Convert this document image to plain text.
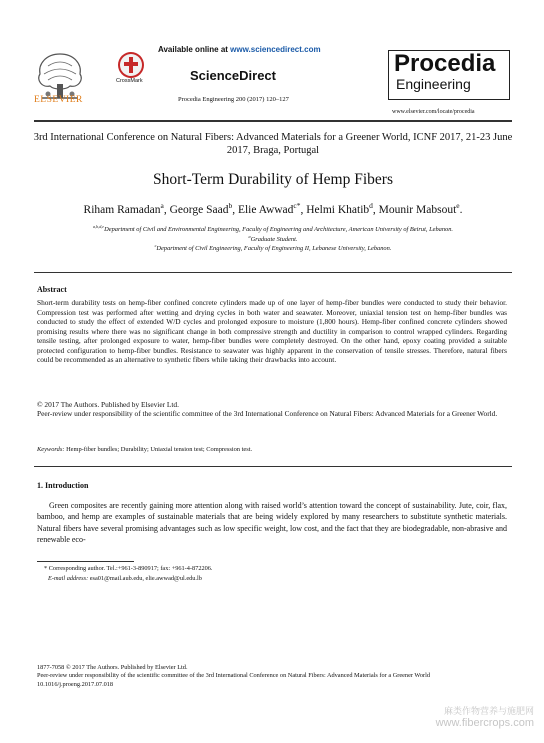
ELSEVIER
Available online at www.sciencedirect.com
CrossMark	ScienceDirect
Procedia Engineering 200 (2017) 120–127
Procedia
Engineering
www.elsevier.com/locate/procedia
3rd International Conference on Natural Fibers: Advanced Materials for a Greener World, ICNF 2017, 21-23 June 2017, Braga, Portugal
Short-Term Durability of Hemp Fibers
Riham Ramadan$^a$, George Saad$^b$, Elie Awwad$^{c*}$, Helmi Khatib$^d$, Mounir Mabsout$^e$.
$^{a,b,d,e}$Department of Civil and Environmental Engineering, Faculty of Engineering and Architecture, American University of Beirut, Lebanon.
$^a$Graduate Student.
$^c$Department of Civil Engineering, Faculty of Engineering II, Lebanese University, Lebanon.
Abstract
Short-term durability tests on hemp-fiber confined concrete cylinders made up of one layer of hemp-fiber bundles were conducted to study their behavior. Compression test was performed after wetting and drying cycles in both water and seawater. Moreover, uniaxial tension test on hemp-fiber bundles was conducted to study the effect of extended W/D cycles and prolonged exposure to moisture (1,800 hours). Hemp-fiber confined concrete cylinders showed promising results where there was no significant change in both compressive strength and ductility in comparison to control wrapped cylinders. Regarding tensile testing, after prolonged exposure to water, hemp-fiber bundles were completely destroyed. On the other hand, epoxy coating provided a suitable protected configuration to hemp-fiber bundles. Resistance to seawater was highly apparent in the conservation of tensile stresses. Therefore, natural fibers could be recommended as an alternative to synthetic fibers while taking their drawbacks into account.
© 2017 The Authors. Published by Elsevier Ltd.
Peer-review under responsibility of the scientific committee of the 3rd International Conference on Natural Fibers: Advanced Materials for a Greener World.
Keywords: Hemp-fiber bundles; Durability; Uniaxial tension test; Compression test.
1. Introduction
Green composites are recently gaining more attention along with raised world’s attention toward the concept of sustainability. Jute, coir, flax, bamboo, and hemp are examples of sustainable materials that are being widely explored by many researchers to substitute synthetic materials. Natural fibers have several promising advantages such as low specific weight, low cost, and the fact that they are biodegradable, non-abrasive and renewable eco-
* Corresponding author. Tel.:+961-3-890917; fax: +961-4-872206.
E-mail address: esa01@mail.aub.edu, elie.awwad@ul.edu.lb
1877-7058 © 2017 The Authors. Published by Elsevier Ltd.
Peer-review under responsibility of the scientific committee of the 3rd International Conference on Natural Fibers: Advanced Materials for a Greener World
10.1016/j.proeng.2017.07.018
麻类作物营养与施肥网
www.fibercrops.com
